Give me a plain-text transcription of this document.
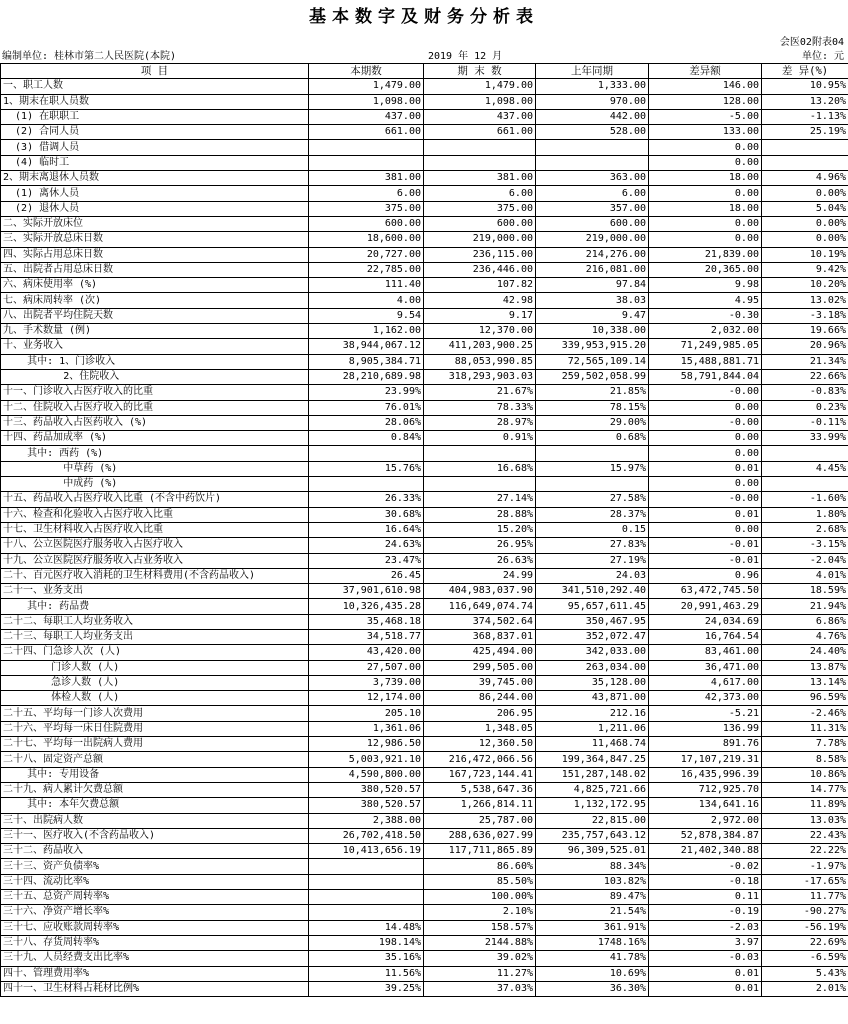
基本数字及财务分析表
会医02附表04
编制单位: 桂林市第二人民医院(本院)	2019 年 12 月	单位: 元
项 目	本期数	期 末 数	上年同期	差异额	差 异(%)
一、职工人数	1,479.00	1,479.00	1,333.00	146.00	10.95%
1、期末在职人员数	1,098.00	1,098.00	970.00	128.00	13.20%
(1) 在职职工	437.00	437.00	442.00	-5.00	-1.13%
(2) 合同人员	661.00	661.00	528.00	133.00	25.19%
(3) 借调人员				0.00	
(4) 临时工				0.00	
2、期末离退休人员数	381.00	381.00	363.00	18.00	4.96%
(1) 离休人员	6.00	6.00	6.00	0.00	0.00%
(2) 退休人员	375.00	375.00	357.00	18.00	5.04%
二、实际开放床位	600.00	600.00	600.00	0.00	0.00%
三、实际开放总床日数	18,600.00	219,000.00	219,000.00	0.00	0.00%
四、实际占用总床日数	20,727.00	236,115.00	214,276.00	21,839.00	10.19%
五、出院者占用总床日数	22,785.00	236,446.00	216,081.00	20,365.00	9.42%
六、病床使用率 (%)	111.40	107.82	97.84	9.98	10.20%
七、病床周转率 (次)	4.00	42.98	38.03	4.95	13.02%
八、出院者平均住院天数	9.54	9.17	9.47	-0.30	-3.18%
九、手术数量 (例)	1,162.00	12,370.00	10,338.00	2,032.00	19.66%
十、业务收入	38,944,067.12	411,203,900.25	339,953,915.20	71,249,985.05	20.96%
其中: 1、门诊收入	8,905,384.71	88,053,990.85	72,565,109.14	15,488,881.71	21.34%
2、住院收入	28,210,689.98	318,293,903.03	259,502,058.99	58,791,844.04	22.66%
十一、门诊收入占医疗收入的比重	23.99%	21.67%	21.85%	-0.00	-0.83%
十二、住院收入占医疗收入的比重	76.01%	78.33%	78.15%	0.00	0.23%
十三、药品收入占医药收入 (%)	28.06%	28.97%	29.00%	-0.00	-0.11%
十四、药品加成率 (%)	0.84%	0.91%	0.68%	0.00	33.99%
其中: 西药 (%)				0.00	
中草药 (%)	15.76%	16.68%	15.97%	0.01	4.45%
中成药 (%)				0.00	
十五、药品收入占医疗收入比重 (不含中药饮片)	26.33%	27.14%	27.58%	-0.00	-1.60%
十六、检查和化验收入占医疗收入比重	30.68%	28.88%	28.37%	0.01	1.80%
十七、卫生材料收入占医疗收入比重	16.64%	15.20%	0.15	0.00	2.68%
十八、公立医院医疗服务收入占医疗收入	24.63%	26.95%	27.83%	-0.01	-3.15%
十九、公立医院医疗服务收入占业务收入	23.47%	26.63%	27.19%	-0.01	-2.04%
二十、百元医疗收入消耗的卫生材料费用(不含药品收入)	26.45	24.99	24.03	0.96	4.01%
二十一、业务支出	37,901,610.98	404,983,037.90	341,510,292.40	63,472,745.50	18.59%
其中: 药品费	10,326,435.28	116,649,074.74	95,657,611.45	20,991,463.29	21.94%
二十二、每职工人均业务收入	35,468.18	374,502.64	350,467.95	24,034.69	6.86%
二十三、每职工人均业务支出	34,518.77	368,837.01	352,072.47	16,764.54	4.76%
二十四、门急诊人次 (人)	43,420.00	425,494.00	342,033.00	83,461.00	24.40%
门诊人数 (人)	27,507.00	299,505.00	263,034.00	36,471.00	13.87%
急诊人数 (人)	3,739.00	39,745.00	35,128.00	4,617.00	13.14%
体检人数 (人)	12,174.00	86,244.00	43,871.00	42,373.00	96.59%
二十五、平均每一门诊人次费用	205.10	206.95	212.16	-5.21	-2.46%
二十六、平均每一床日住院费用	1,361.06	1,348.05	1,211.06	136.99	11.31%
二十七、平均每一出院病人费用	12,986.50	12,360.50	11,468.74	891.76	7.78%
二十八、固定资产总额	5,003,921.10	216,472,066.56	199,364,847.25	17,107,219.31	8.58%
其中: 专用设备	4,590,800.00	167,723,144.41	151,287,148.02	16,435,996.39	10.86%
二十九、病人累计欠费总额	380,520.57	5,538,647.36	4,825,721.66	712,925.70	14.77%
其中: 本年欠费总额	380,520.57	1,266,814.11	1,132,172.95	134,641.16	11.89%
三十、出院病人数	2,388.00	25,787.00	22,815.00	2,972.00	13.03%
三十一、医疗收入(不含药品收入)	26,702,418.50	288,636,027.99	235,757,643.12	52,878,384.87	22.43%
三十二、药品收入	10,413,656.19	117,711,865.89	96,309,525.01	21,402,340.88	22.22%
三十三、资产负债率%		86.60%	88.34%	-0.02	-1.97%
三十四、流动比率%		85.50%	103.82%	-0.18	-17.65%
三十五、总资产周转率%		100.00%	89.47%	0.11	11.77%
三十六、净资产增长率%		2.10%	21.54%	-0.19	-90.27%
三十七、应收账款周转率%	14.48%	158.57%	361.91%	-2.03	-56.19%
三十八、存货周转率%	198.14%	2144.88%	1748.16%	3.97	22.69%
三十九、人员经费支出比率%	35.16%	39.02%	41.78%	-0.03	-6.59%
四十、管理费用率%	11.56%	11.27%	10.69%	0.01	5.43%
四十一、卫生材料占耗材比例%	39.25%	37.03%	36.30%	0.01	2.01%
